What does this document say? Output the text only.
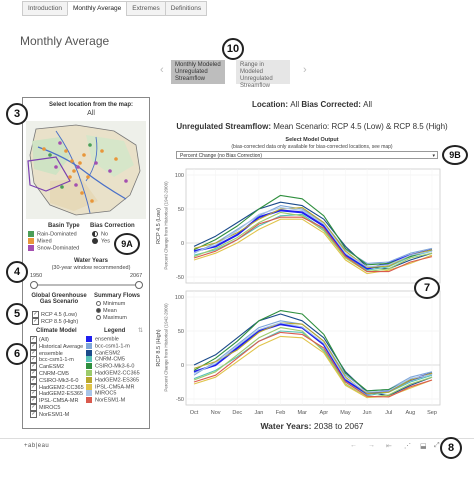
Introduction	Monthly Average	Extremes	Definitions
Monthly Average
10
‹	Monthly Modeled Unregulated Streamflow
Range in Modeled Unregulated Streamflow
›
3
Select location from the map:
All
Basin Type
Rain-Dominated
Mixed
Snow-Dominated
Bias Correction
No
Yes	9A
4
Water Years
(30-year window recommended)
1950	2067
5
Global Greenhouse Gas Scenario
✓ RCP 4.5 (Low)
✓ RCP 8.5 (High)
Summary Flows
Minimum
Mean
Maximum
6
Climate Model
✓ (All)
✓ Historical Average
✓ ensemble
✓ bcc-csm1-1-m
✓ CanESM2
✓ CNRM-CM5
✓ CSIRO-Mk3-6-0
✓ HadGEM2-CC365
✓ HadGEM2-ES365
✓ IPSL-CM5A-MR
✓ MIROC5
✓ NorESM1-M
Legend ⇅
ensemble
bcc-csm1-1-m
CanESM2
CNRM-CM5
CSIRO-Mk3-6-0
HadGEM2-CC365
HadGEM2-ES365
IPSL-CM5A-MR
MIROC5
NorESM1-M
Location: All Bias Corrected: All
Unregulated Streamflow: Mean Scenario: RCP 4.5 (Low) & RCP 8.5 (High)
Select Model Output
(bias-corrected data only available for bias-corrected locations, see map)
Percent Change (no Bias Correction)	▾	9B
RCP 4.5 (Low) Percent Change from Historical (1942-2009)
RCP 8.5 (High) Percent Change from Historical (1942-2009)
100
50
0
-50
100
50
0
-50
Oct Nov Dec Jan Feb Mar Apr May Jun Jul Aug Sep
7
Water Years: 2038 to 2067
+ab|eau	← → ⇤ ⋰ ⬓ ⤢ 8
